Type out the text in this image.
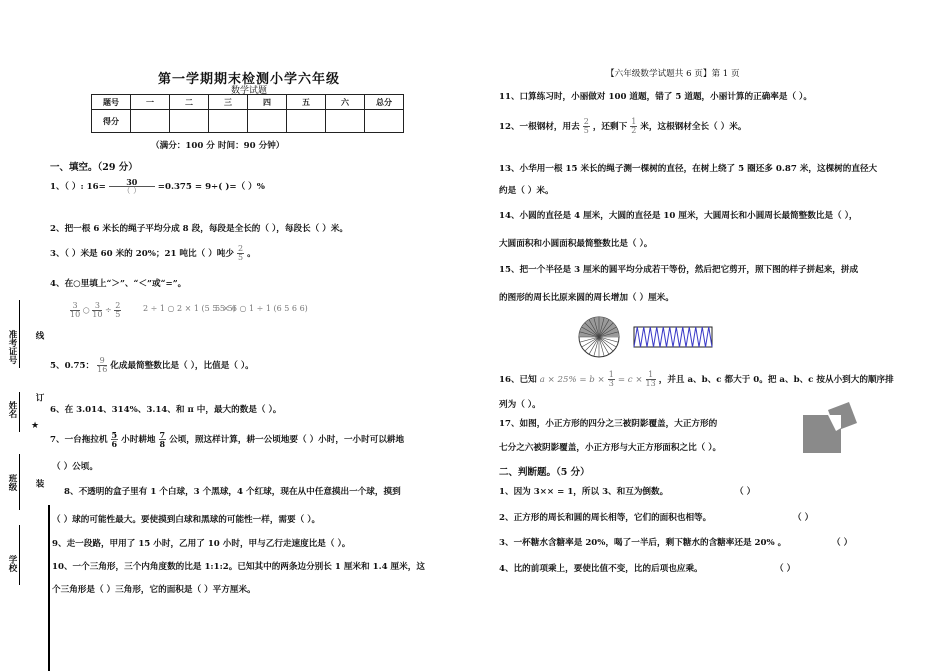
第一学期期末检测小学六年级
数学试题
题号	一	二	三	四	五	六	总分
得分							
（满分：100 分 时间：90 分钟）
准考证号
姓名
班级
学校
线
订
★
装
一、填空。（29 分）
1、（ ）: $16= \frac{30}{( )} =0.375 = 9\div$( )=（ ）%
2、把一根 6 米长的绳子平均分成 8 段，每段是全长的（ ），每段长（ ）米。
3、（ ）米是 60 米的 20%；21 吨比（ ）吨少 $\frac{2}{5}$ 。
4、在○里填上“＞”、“＜”或“=”。
$\frac{3}{10}$ ○ $\frac{3}{10} \div \frac{2}{5}$	2 ÷ 1 ○ 2 × 1 (5 5 5 5)
5 × 6 ○ 1 ÷ 1 (6 5 6 6)
5、0.75： $\frac{9}{16}$ 化成最简整数比是（ ），比值是（ ）。
6、在 3.014、314%、3.14、和 π 中，最大的数是（ ）。
7、一台拖拉机 $\frac{5}{6}$ 小时耕地 $\frac{7}{8}$ 公顷，照这样计算，耕一公顷地要（ ）小时，一小时可以耕地
（ ）公顷。
8、不透明的盒子里有 1 个白球，3 个黑球，4 个红球，现在从中任意摸出一个球，摸到
（ ）球的可能性最大。要使摸到白球和黑球的可能性一样，需要（ ）。
9、走一段路，甲用了 15 小时，乙用了 10 小时，甲与乙行走速度比是（ ）。
10、一个三角形，三个内角度数的比是 1:1:2。已知其中的两条边分别长 1 厘米和 1.4 厘米，这
个三角形是（ ）三角形，它的面积是（ ）平方厘米。
【六年级数学试题共 6 页】第 1 页
11、口算练习时，小丽做对 100 道题，错了 5 道题，小丽计算的正确率是（ ）。
12、一根钢材，用去 $\frac{2}{5}$ ，还剩下 $\frac{1}{2}$ 米，这根钢材全长（ ）米。
13、小华用一根 15 米长的绳子测一棵树的直径，在树上绕了 5 圈还多 0.87 米，这棵树的直径大
约是（ ）米。
14、小圆的直径是 4 厘米，大圆的直径是 10 厘米，大圆周长和小圆周长最简整数比是（ ），
大圆面积和小圆面积最简整数比是（ ）。
15、把一个半径是 3 厘米的圆平均分成若干等份，然后把它剪开，照下图的样子拼起来，拼成
的图形的周长比原来圆的周长增加（ ）厘米。
16、已知 $a \times 25\% = b \times \frac{1}{3} = c \times \frac{1}{13}$ ，并且 a、b、c 都大于 0。把 a、b、c 按从小到大的顺序排
列为（ ）。
17、如图，小正方形的四分之三被阴影覆盖，大正方形的
七分之六被阴影覆盖，小正方形与大正方形面积之比（ ）。
二、判断题。（5 分）
1、因为 3×× = 1，所以 3、和互为倒数。	（ ）
2、正方形的周长和圆的周长相等，它们的面积也相等。	（ ）
3、一杯糖水含糖率是 20%，喝了一半后，剩下糖水的含糖率还是 20% 。	（ ）
4、比的前项乘上，要使比值不变，比的后项也应乘。	（ ）
